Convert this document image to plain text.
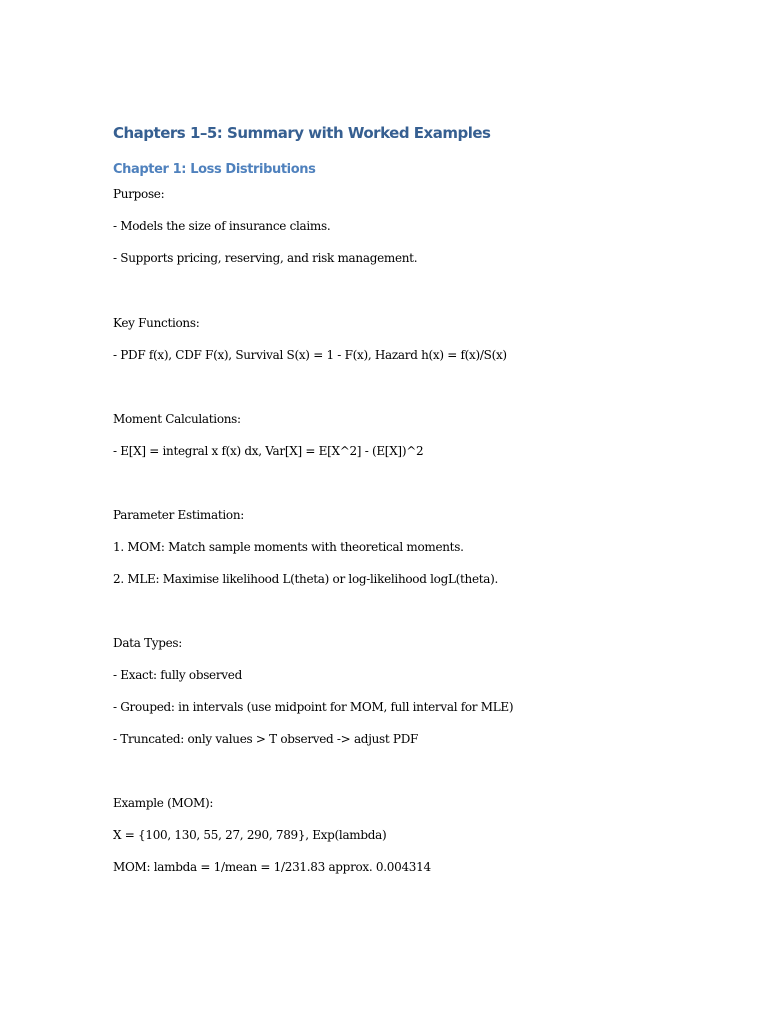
Chapters 1–5: Summary with Worked Examples
Chapter 1: Loss Distributions

Purpose:

- Models the size of insurance claims.

- Supports pricing, reserving, and risk management.

Key Functions:

- PDF f(x), CDF F(x), Survival S(x) = 1 - F(x), Hazard h(x) = f(x)/S(x)

Moment Calculations:

- E[X] = integral x f(x) dx, Var[X] = E[X^2] - (E[X])^2

Parameter Estimation:

1. MOM: Match sample moments with theoretical moments.

2. MLE: Maximise likelihood L(theta) or log-likelihood logL(theta).

Data Types:

- Exact: fully observed

- Grouped: in intervals (use midpoint for MOM, full interval for MLE)

- Truncated: only values > T observed -> adjust PDF

Example (MOM):

X = {100, 130, 55, 27, 290, 789}, Exp(lambda)

MOM: lambda = 1/mean = 1/231.83 approx. 0.004314
